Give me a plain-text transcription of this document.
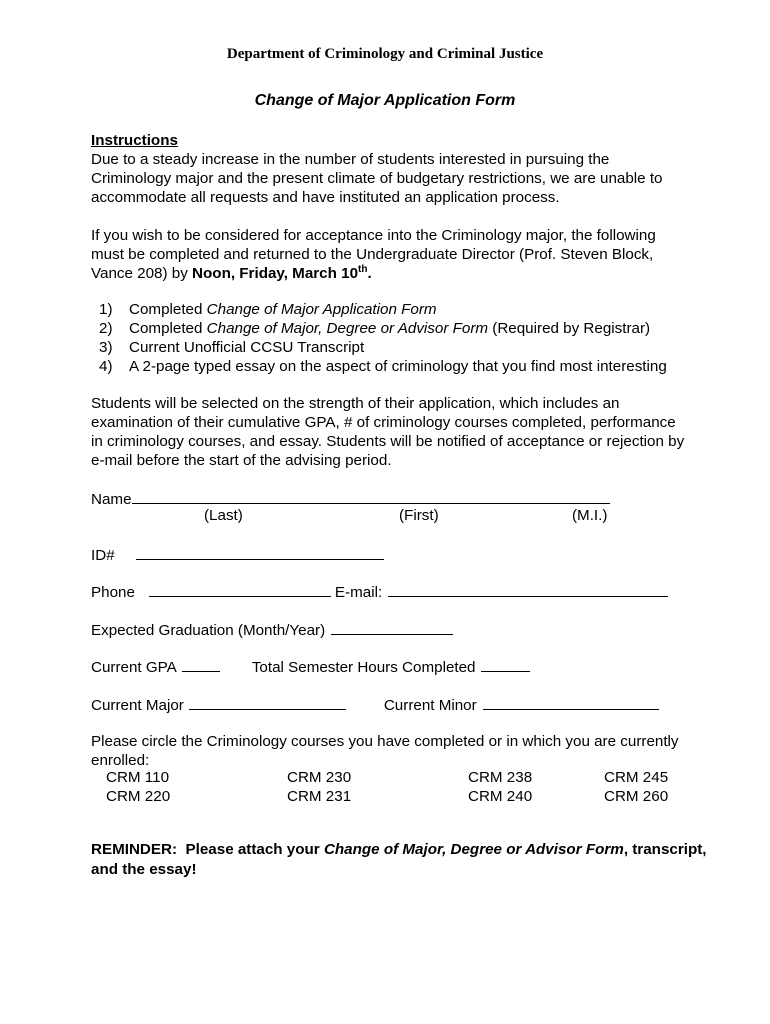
Department of Criminology and Criminal Justice
Change of Major Application Form
Instructions
Due to a steady increase in the number of students interested in pursuing the Criminology major and the present climate of budgetary restrictions, we are unable to accommodate all requests and have instituted an application process.
If you wish to be considered for acceptance into the Criminology major, the following must be completed and returned to the Undergraduate Director (Prof. Steven Block, Vance 208) by Noon, Friday, March 10th.
1) Completed Change of Major Application Form
2) Completed Change of Major, Degree or Advisor Form (Required by Registrar)
3) Current Unofficial CCSU Transcript
4) A 2-page typed essay on the aspect of criminology that you find most interesting
Students will be selected on the strength of their application, which includes an examination of their cumulative GPA, # of criminology courses completed, performance in criminology courses, and essay. Students will be notified of acceptance or rejection by e-mail before the start of the advising period.
Name
(Last)	(First)	(M.I.)
ID#
Phone	E-mail:
Expected Graduation (Month/Year)
Current GPA	Total Semester Hours Completed
Current Major	Current Minor
Please circle the Criminology courses you have completed or in which you are currently enrolled:
CRM 110	CRM 230	CRM 238	CRM 245
CRM 220	CRM 231	CRM 240	CRM 260
REMINDER:  Please attach your Change of Major, Degree or Advisor Form, transcript, and the essay!
